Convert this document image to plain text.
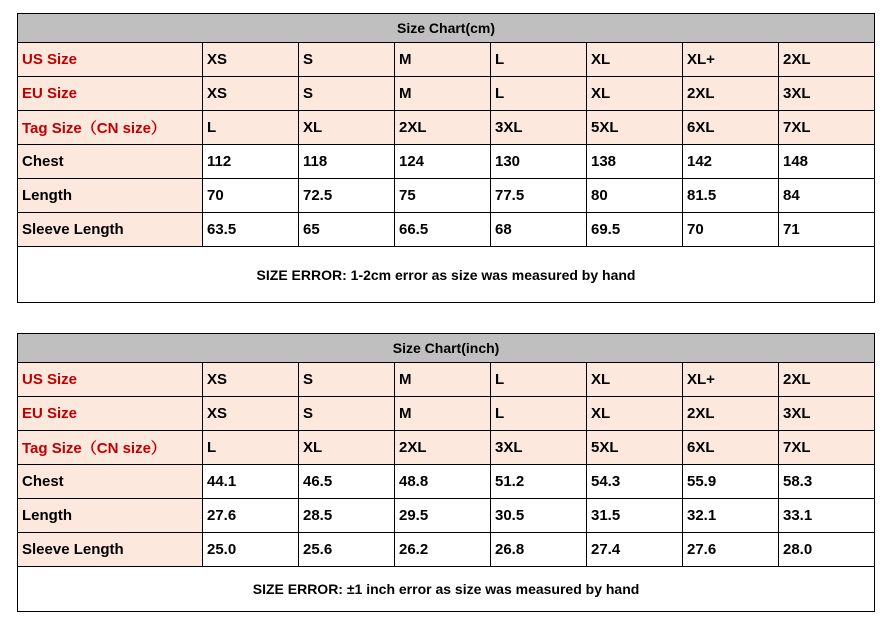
Size Chart(cm)							
US Size	XS	S	M	L	XL	XL+	2XL
EU Size	XS	S	M	L	XL	2XL	3XL
Tag Size（CN size）	L	XL	2XL	3XL	5XL	6XL	7XL
Chest	112	118	124	130	138	142	148
Length	70	72.5	75	77.5	80	81.5	84
Sleeve Length	63.5	65	66.5	68	69.5	70	71
SIZE ERROR: 1-2cm error as size was measured by hand							
Size Chart(inch)							
US Size	XS	S	M	L	XL	XL+	2XL
EU Size	XS	S	M	L	XL	2XL	3XL
Tag Size（CN size）	L	XL	2XL	3XL	5XL	6XL	7XL
Chest	44.1	46.5	48.8	51.2	54.3	55.9	58.3
Length	27.6	28.5	29.5	30.5	31.5	32.1	33.1
Sleeve Length	25.0	25.6	26.2	26.8	27.4	27.6	28.0
SIZE ERROR: ±1 inch error as size was measured by hand							
